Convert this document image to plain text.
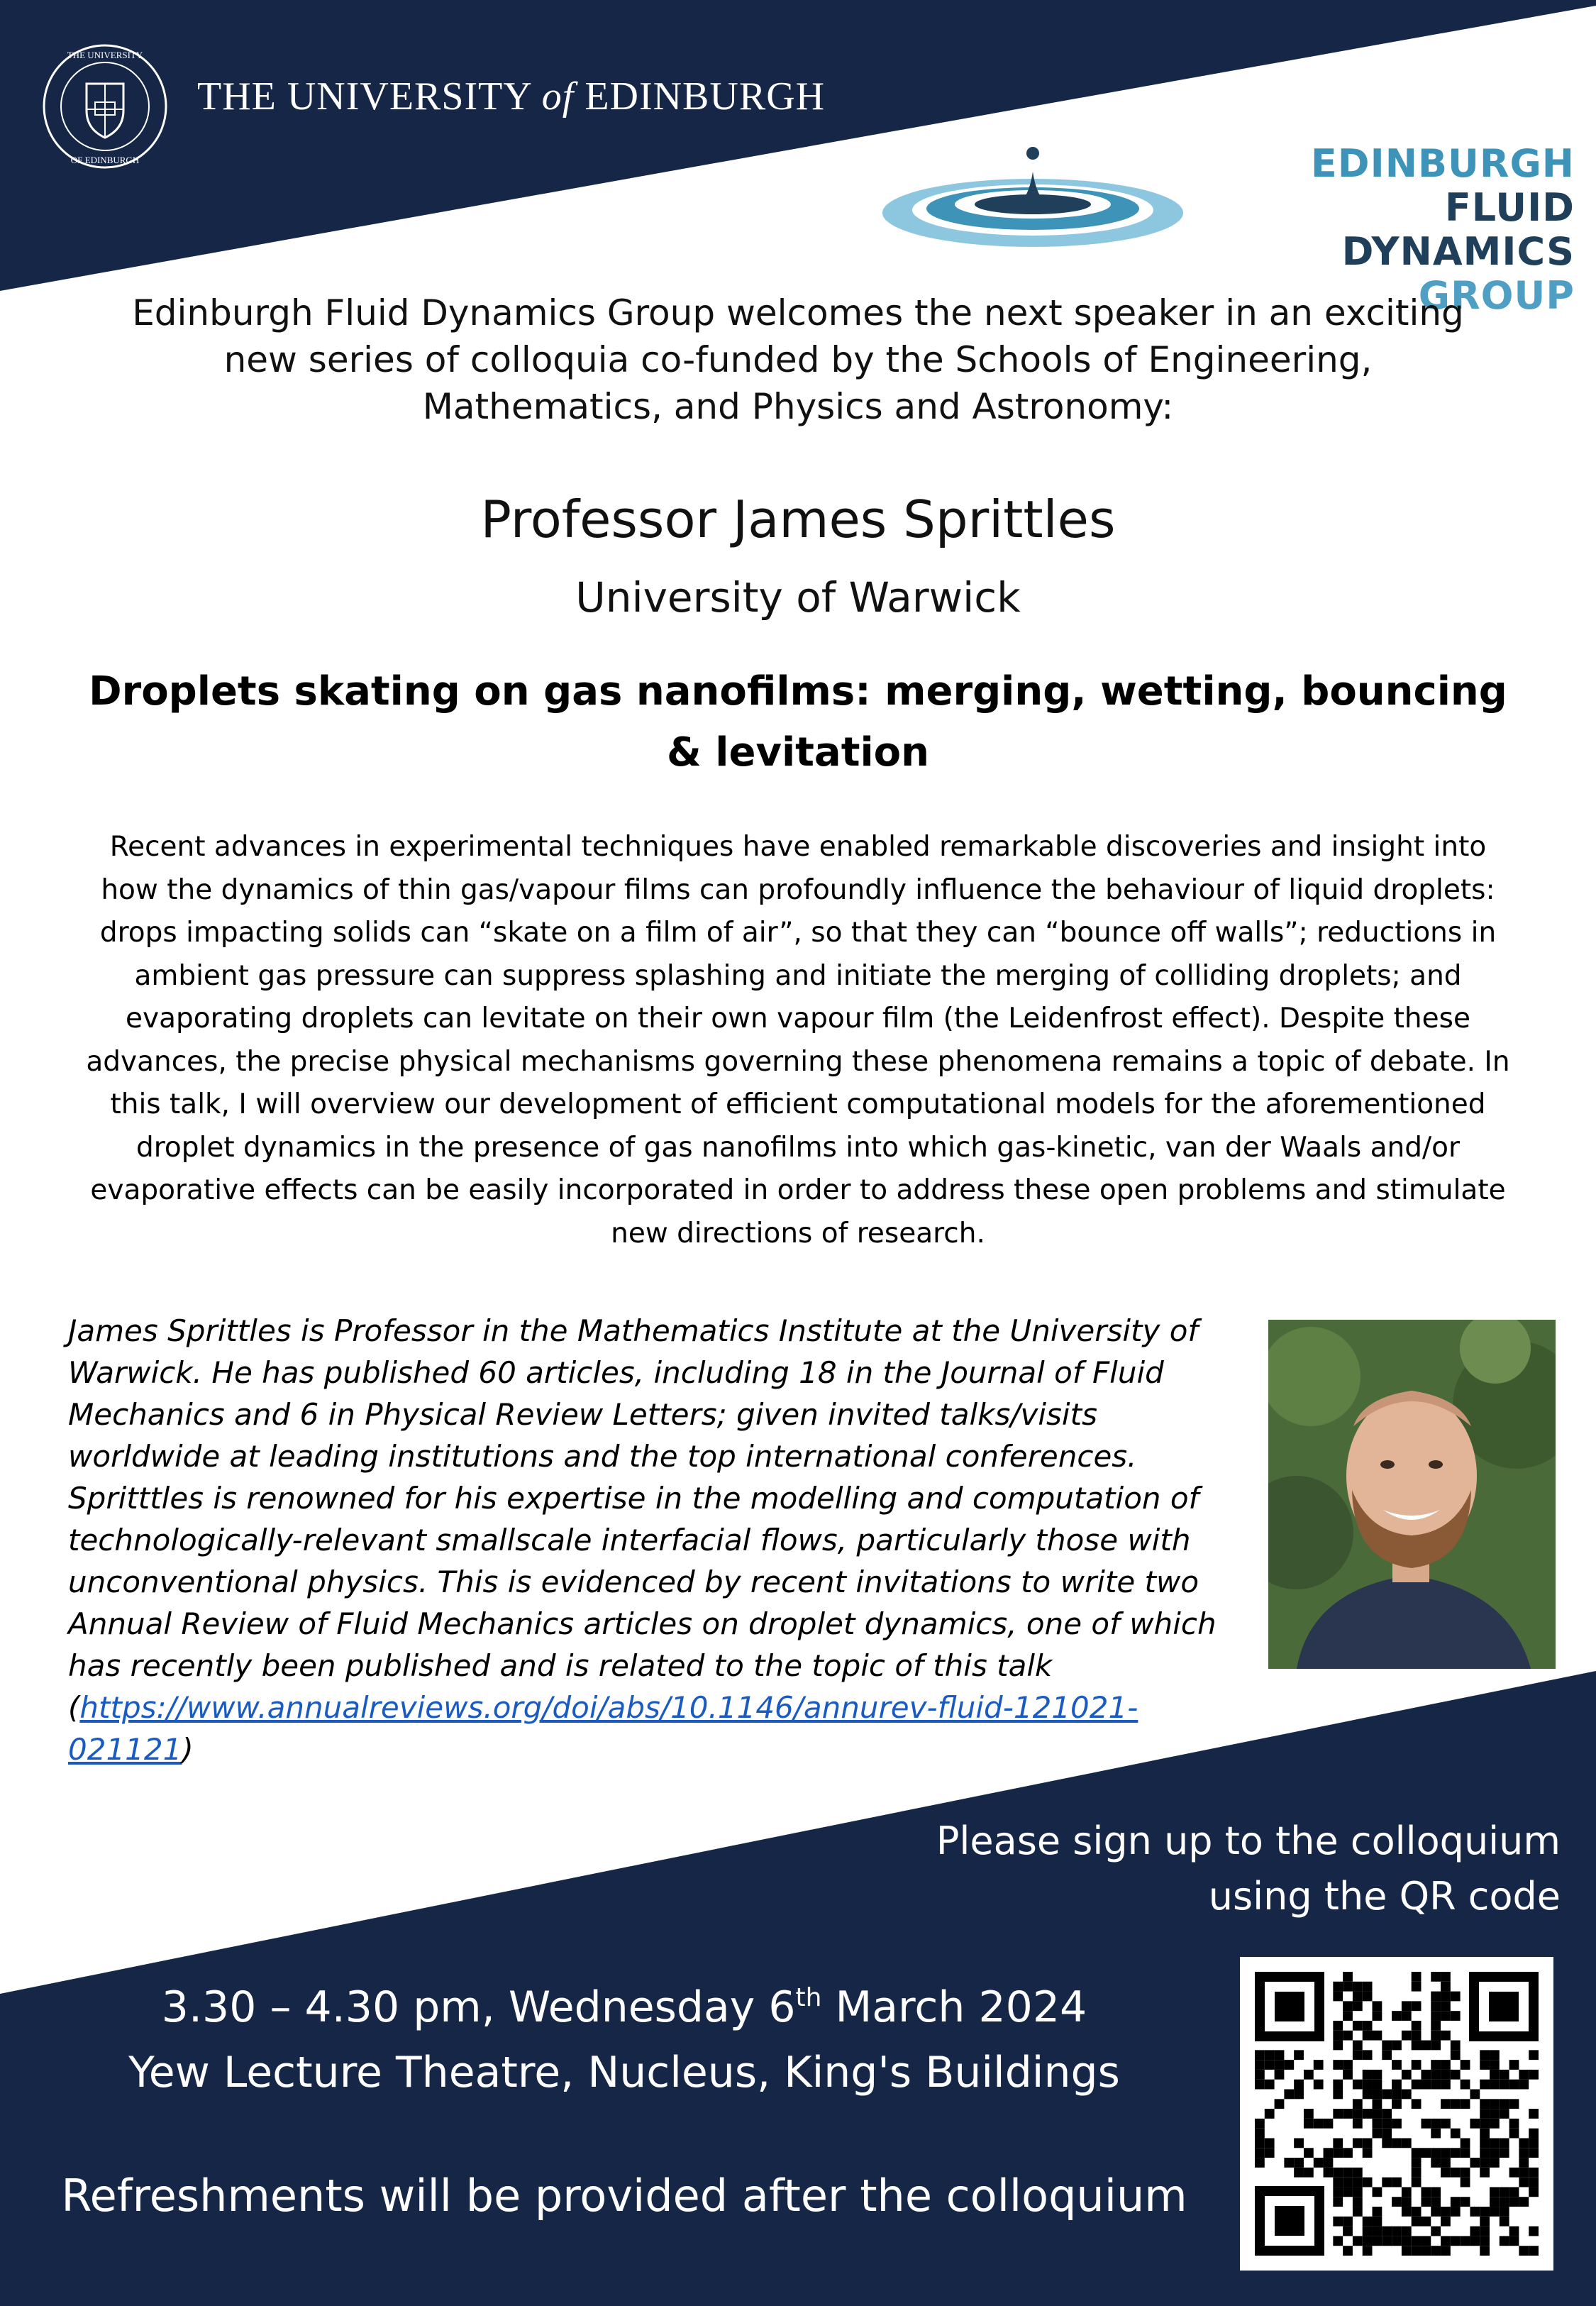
THE UNIVERSITY
OF EDINBURGH
THE UNIVERSITY of EDINBURGH
EDINBURGH
FLUID DYNAMICS
GROUP
Edinburgh Fluid Dynamics Group welcomes the next speaker in an exciting new series of colloquia co-funded by the Schools of Engineering, Mathematics, and Physics and Astronomy:
Professor James Sprittles
University of Warwick
Droplets skating on gas nanofilms: merging, wetting, bouncing & levitation
Recent advances in experimental techniques have enabled remarkable discoveries and insight into how the dynamics of thin gas/vapour films can profoundly influence the behaviour of liquid droplets: drops impacting solids can “skate on a film of air”, so that they can “bounce off walls”; reductions in ambient gas pressure can suppress splashing and initiate the merging of colliding droplets; and evaporating droplets can levitate on their own vapour film (the Leidenfrost effect). Despite these advances, the precise physical mechanisms governing these phenomena remains a topic of debate. In this talk, I will overview our development of efficient computational models for the aforementioned droplet dynamics in the presence of gas nanofilms into which gas-kinetic, van der Waals and/or evaporative effects can be easily incorporated in order to address these open problems and stimulate new directions of research.
James Sprittles is Professor in the Mathematics Institute at the University of Warwick. He has published 60 articles, including 18 in the Journal of Fluid Mechanics and 6 in Physical Review Letters; given invited talks/visits worldwide at leading institutions and the top international conferences. Spritttles is renowned for his expertise in the modelling and computation of technologically-relevant smallscale interfacial flows, particularly those with unconventional physics. This is evidenced by recent invitations to write two Annual Review of Fluid Mechanics articles on droplet dynamics, one of which has recently been published and is related to the topic of this talk (https://www.annualreviews.org/doi/abs/10.1146/annurev-fluid-121021-021121)
Please sign up to the colloquium
using the QR code
3.30 – 4.30 pm, Wednesday 6th March 2024
Yew Lecture Theatre, Nucleus, King's Buildings
Refreshments will be provided after the colloquium
